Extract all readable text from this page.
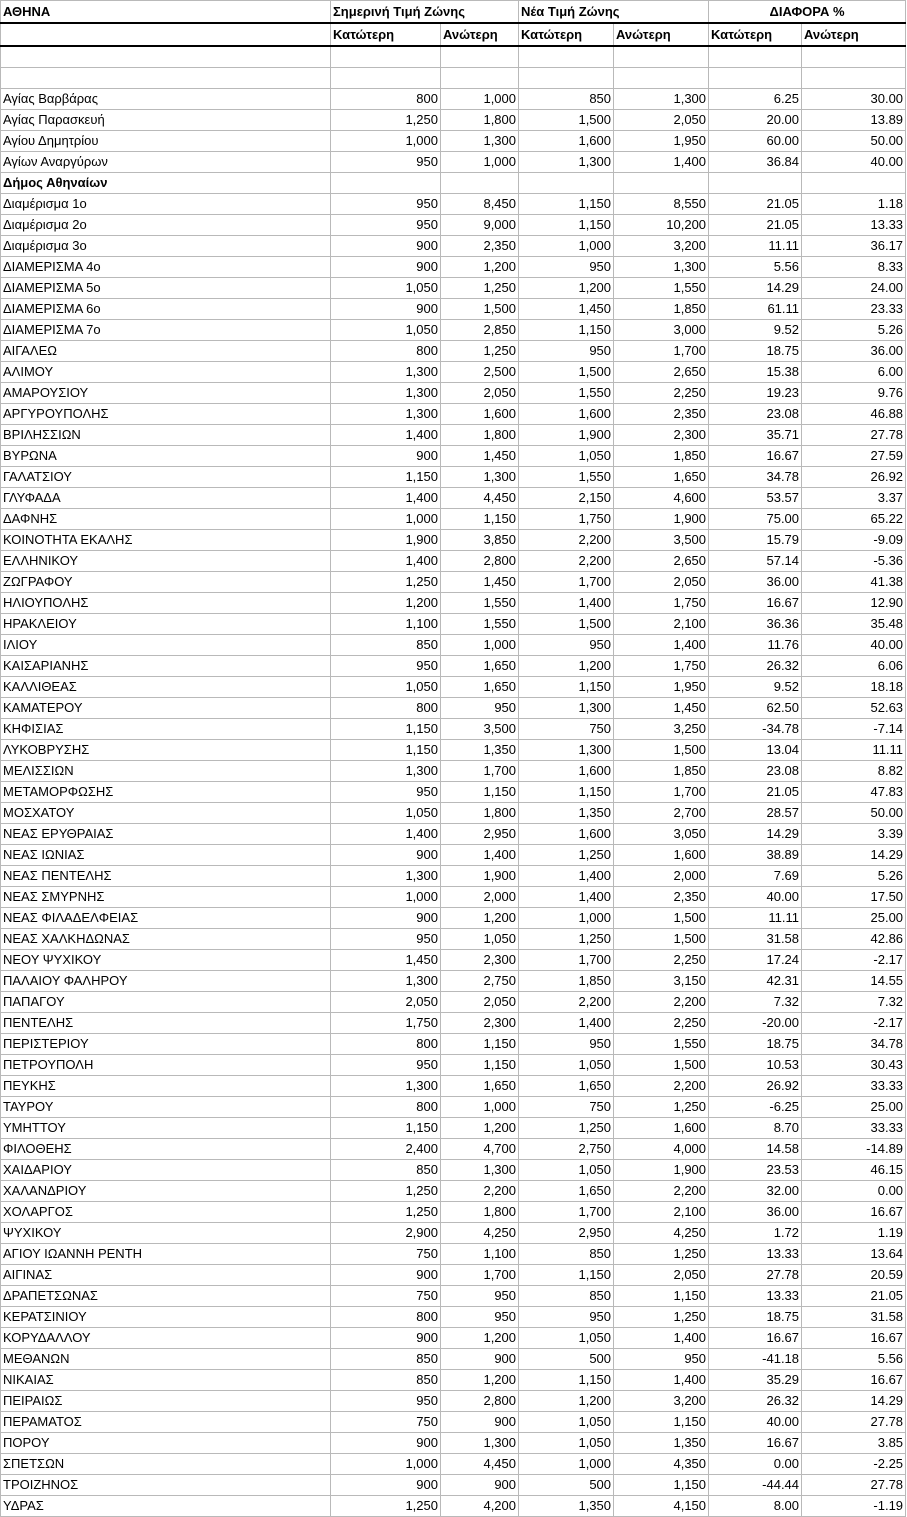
ΑΘΗΝΑ	Σημερινή Τιμή Ζώνης		Νέα Τιμή Ζώνης		ΔΙΑΦΟΡΑ %	
	Κατώτερη	Ανώτερη	Κατώτερη	Ανώτερη	Κατώτερη	Ανώτερη

Αγίας Βαρβάρας	800	1,000	850	1,300	6.25	30.00
Αγίας Παρασκευή	1,250	1,800	1,500	2,050	20.00	13.89
Αγίου Δημητρίου	1,000	1,300	1,600	1,950	60.00	50.00
Αγίων Αναργύρων	950	1,000	1,300	1,400	36.84	40.00
Δήμος Αθηναίων						
Διαμέρισμα 1ο	950	8,450	1,150	8,550	21.05	1.18
Διαμέρισμα 2ο	950	9,000	1,150	10,200	21.05	13.33
Διαμέρισμα 3ο	900	2,350	1,000	3,200	11.11	36.17
ΔΙΑΜΕΡΙΣΜΑ 4ο	900	1,200	950	1,300	5.56	8.33
ΔΙΑΜΕΡΙΣΜΑ 5ο	1,050	1,250	1,200	1,550	14.29	24.00
ΔΙΑΜΕΡΙΣΜΑ 6ο	900	1,500	1,450	1,850	61.11	23.33
ΔΙΑΜΕΡΙΣΜΑ 7ο	1,050	2,850	1,150	3,000	9.52	5.26
ΑΙΓΑΛΕΩ	800	1,250	950	1,700	18.75	36.00
ΑΛΙΜΟΥ	1,300	2,500	1,500	2,650	15.38	6.00
ΑΜΑΡΟΥΣΙΟΥ	1,300	2,050	1,550	2,250	19.23	9.76
ΑΡΓΥΡΟΥΠΟΛΗΣ	1,300	1,600	1,600	2,350	23.08	46.88
ΒΡΙΛΗΣΣΙΩΝ	1,400	1,800	1,900	2,300	35.71	27.78
ΒΥΡΩΝΑ	900	1,450	1,050	1,850	16.67	27.59
ΓΑΛΑΤΣΙΟΥ	1,150	1,300	1,550	1,650	34.78	26.92
ΓΛΥΦΑΔΑ	1,400	4,450	2,150	4,600	53.57	3.37
ΔΑΦΝΗΣ	1,000	1,150	1,750	1,900	75.00	65.22
ΚΟΙΝΟΤΗΤΑ ΕΚΑΛΗΣ	1,900	3,850	2,200	3,500	15.79	-9.09
ΕΛΛΗΝΙΚΟΥ	1,400	2,800	2,200	2,650	57.14	-5.36
ΖΩΓΡΑΦΟΥ	1,250	1,450	1,700	2,050	36.00	41.38
ΗΛΙΟΥΠΟΛΗΣ	1,200	1,550	1,400	1,750	16.67	12.90
ΗΡΑΚΛΕΙΟΥ	1,100	1,550	1,500	2,100	36.36	35.48
ΙΛΙΟΥ	850	1,000	950	1,400	11.76	40.00
ΚΑΙΣΑΡΙΑΝΗΣ	950	1,650	1,200	1,750	26.32	6.06
ΚΑΛΛΙΘΕΑΣ	1,050	1,650	1,150	1,950	9.52	18.18
ΚΑΜΑΤΕΡΟΥ	800	950	1,300	1,450	62.50	52.63
ΚΗΦΙΣΙΑΣ	1,150	3,500	750	3,250	-34.78	-7.14
ΛΥΚΟΒΡΥΣΗΣ	1,150	1,350	1,300	1,500	13.04	11.11
ΜΕΛΙΣΣΙΩΝ	1,300	1,700	1,600	1,850	23.08	8.82
ΜΕΤΑΜΟΡΦΩΣΗΣ	950	1,150	1,150	1,700	21.05	47.83
ΜΟΣΧΑΤΟΥ	1,050	1,800	1,350	2,700	28.57	50.00
ΝΕΑΣ ΕΡΥΘΡΑΙΑΣ	1,400	2,950	1,600	3,050	14.29	3.39
ΝΕΑΣ ΙΩΝΙΑΣ	900	1,400	1,250	1,600	38.89	14.29
ΝΕΑΣ ΠΕΝΤΕΛΗΣ	1,300	1,900	1,400	2,000	7.69	5.26
ΝΕΑΣ ΣΜΥΡΝΗΣ	1,000	2,000	1,400	2,350	40.00	17.50
ΝΕΑΣ ΦΙΛΑΔΕΛΦΕΙΑΣ	900	1,200	1,000	1,500	11.11	25.00
ΝΕΑΣ ΧΑΛΚΗΔΩΝΑΣ	950	1,050	1,250	1,500	31.58	42.86
ΝΕΟΥ ΨΥΧΙΚΟΥ	1,450	2,300	1,700	2,250	17.24	-2.17
ΠΑΛΑΙΟΥ ΦΑΛΗΡΟΥ	1,300	2,750	1,850	3,150	42.31	14.55
ΠΑΠΑΓΟΥ	2,050	2,050	2,200	2,200	7.32	7.32
ΠΕΝΤΕΛΗΣ	1,750	2,300	1,400	2,250	-20.00	-2.17
ΠΕΡΙΣΤΕΡΙΟΥ	800	1,150	950	1,550	18.75	34.78
ΠΕΤΡΟΥΠΟΛΗ	950	1,150	1,050	1,500	10.53	30.43
ΠΕΥΚΗΣ	1,300	1,650	1,650	2,200	26.92	33.33
ΤΑΥΡΟΥ	800	1,000	750	1,250	-6.25	25.00
ΥΜΗΤΤΟΥ	1,150	1,200	1,250	1,600	8.70	33.33
ΦΙΛΟΘΕΗΣ	2,400	4,700	2,750	4,000	14.58	-14.89
ΧΑΙΔΑΡΙΟΥ	850	1,300	1,050	1,900	23.53	46.15
ΧΑΛΑΝΔΡΙΟΥ	1,250	2,200	1,650	2,200	32.00	0.00
ΧΟΛΑΡΓΟΣ	1,250	1,800	1,700	2,100	36.00	16.67
ΨΥΧΙΚΟΥ	2,900	4,250	2,950	4,250	1.72	1.19
ΑΓΙΟΥ ΙΩΑΝΝΗ ΡΕΝΤΗ	750	1,100	850	1,250	13.33	13.64
ΑΙΓΙΝΑΣ	900	1,700	1,150	2,050	27.78	20.59
ΔΡΑΠΕΤΣΩΝΑΣ	750	950	850	1,150	13.33	21.05
ΚΕΡΑΤΣΙΝΙΟΥ	800	950	950	1,250	18.75	31.58
ΚΟΡΥΔΑΛΛΟΥ	900	1,200	1,050	1,400	16.67	16.67
ΜΕΘΑΝΩΝ	850	900	500	950	-41.18	5.56
ΝΙΚΑΙΑΣ	850	1,200	1,150	1,400	35.29	16.67
ΠΕΙΡΑΙΩΣ	950	2,800	1,200	3,200	26.32	14.29
ΠΕΡΑΜΑΤΟΣ	750	900	1,050	1,150	40.00	27.78
ΠΟΡΟΥ	900	1,300	1,050	1,350	16.67	3.85
ΣΠΕΤΣΩΝ	1,000	4,450	1,000	4,350	0.00	-2.25
ΤΡΟΙΖΗΝΟΣ	900	900	500	1,150	-44.44	27.78
ΥΔΡΑΣ	1,250	4,200	1,350	4,150	8.00	-1.19
